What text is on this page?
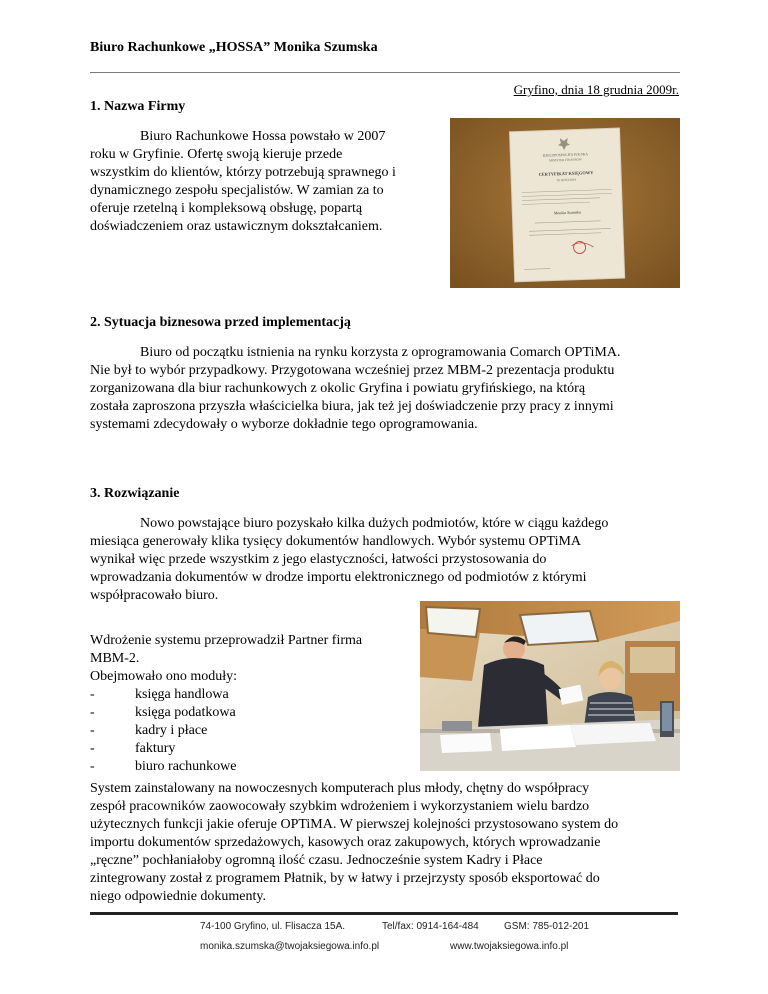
Biuro Rachunkowe „HOSSA” Monika Szumska
Gryfino, dnia 18 grudnia 2009r.
1. Nazwa Firmy
Biuro Rachunkowe Hossa powstało w 2007
roku w Gryfinie. Ofertę swoją kieruje przede
wszystkim do klientów, którzy potrzebują sprawnego i
dynamicznego zespołu specjalistów. W zamian za to
oferuje rzetelną i kompleksową obsługę, popartą
doświadczeniem oraz ustawicznym dokształcaniem.
RZECZPOSPOLITA POLSKA
MINISTER FINANSÓW
CERTYFIKAT KSIĘGOWY
Nr 36763/2004
Monika Szumska
2. Sytuacja biznesowa przed implementacją
Biuro od początku istnienia na rynku korzysta z oprogramowania Comarch OPTiMA.
Nie był to wybór przypadkowy. Przygotowana wcześniej przez MBM-2 prezentacja produktu
zorganizowana dla biur rachunkowych z okolic Gryfina i powiatu gryfińskiego, na którą
została zaproszona przyszła właścicielka biura, jak też jej doświadczenie przy pracy z innymi
systemami zdecydowały o wyborze dokładnie tego oprogramowania.
3. Rozwiązanie
Nowo powstające biuro pozyskało kilka dużych podmiotów, które w ciągu każdego
miesiąca generowały klika tysięcy dokumentów handlowych. Wybór systemu OPTiMA
wynikał więc przede wszystkim z jego elastyczności, łatwości przystosowania do
wprowadzania dokumentów w drodze importu elektronicznego od podmiotów z którymi
współpracowało biuro.
Wdrożenie systemu przeprowadził Partner firma
MBM-2.
Obejmowało ono moduły:
- księga handlowa
- księga podatkowa
- kadry i płace
- faktury
- biuro rachunkowe
System zainstalowany na nowoczesnych komputerach plus młody, chętny do współpracy
zespół pracowników zaowocowały szybkim wdrożeniem i wykorzystaniem wielu bardzo
użytecznych funkcji jakie oferuje OPTiMA. W pierwszej kolejności przystosowano system do
importu dokumentów sprzedażowych, kasowych oraz zakupowych, których wprowadzanie
„ręczne” pochłaniałoby ogromną ilość czasu. Jednocześnie system Kadry i Płace
zintegrowany został z programem Płatnik, by w łatwy i przejrzysty sposób eksportować do
niego odpowiednie dokumenty.
74-100 Gryfino, ul. Flisacza 15A.	Tel/fax: 0914-164-484	GSM: 785-012-201
monika.szumska@twojaksiegowa.info.pl	www.twojaksiegowa.info.pl
